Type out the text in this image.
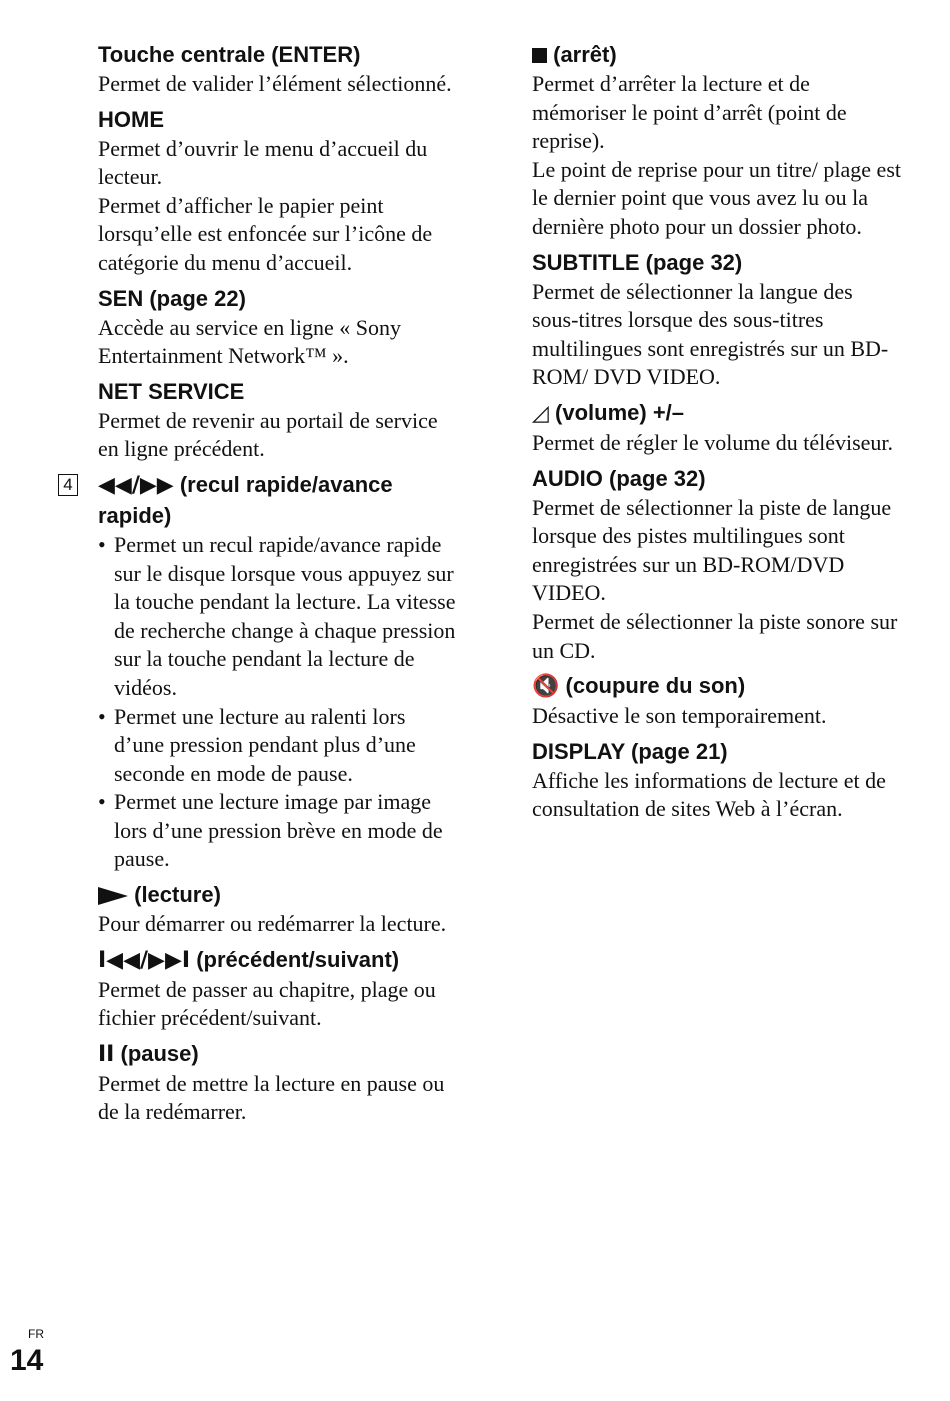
Touche centrale (ENTER)

Permet de valider l’élément sélectionné.

HOME

Permet d’ouvrir le menu d’accueil du lecteur.

Permet d’afficher le papier peint lorsqu’elle est enfoncée sur l’icône de catégorie du menu d’accueil.

SEN (page 22)

Accède au service en ligne « Sony Entertainment Network™ ».

NET SERVICE

Permet de revenir au portail de service en ligne précédent.

4 ◀◀/▶▶ (recul rapide/avance rapide)

• Permet un recul rapide/avance rapide sur le disque lorsque vous appuyez sur la touche pendant la lecture. La vitesse de recherche change à chaque pression sur la touche pendant la lecture de vidéos.
• Permet une lecture au ralenti lors d’une pression pendant plus d’une seconde en mode de pause.
• Permet une lecture image par image lors d’une pression brève en mode de pause.

(lecture)

Pour démarrer ou redémarrer la lecture.

I◀◀/▶▶I (précédent/suivant)

Permet de passer au chapitre, plage ou fichier précédent/suivant.

II (pause)

Permet de mettre la lecture en pause ou de la redémarrer.

(arrêt)

Permet d’arrêter la lecture et de mémoriser le point d’arrêt (point de reprise).

Le point de reprise pour un titre/ plage est le dernier point que vous avez lu ou la dernière photo pour un dossier photo.

SUBTITLE (page 32)

Permet de sélectionner la langue des sous-titres lorsque des sous-titres multilingues sont enregistrés sur un BD-ROM/ DVD VIDEO.

◿ (volume) +/–

Permet de régler le volume du téléviseur.

AUDIO (page 32)

Permet de sélectionner la piste de langue lorsque des pistes multilingues sont enregistrées sur un BD-ROM/DVD VIDEO.

Permet de sélectionner la piste sonore sur un CD.

🔇 (coupure du son)

Désactive le son temporairement.

DISPLAY (page 21)

Affiche les informations de lecture et de consultation de sites Web à l’écran.

FR
14
